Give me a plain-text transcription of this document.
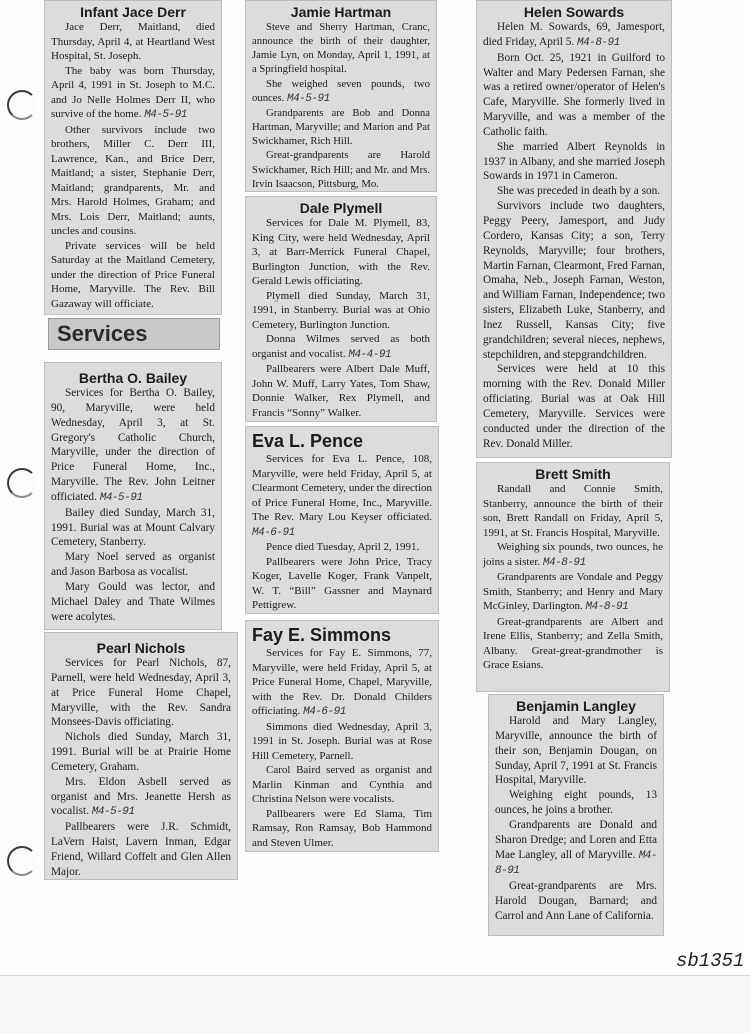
Infant Jace Derr

Jace Derr, Maitland, died Thursday, April 4, at Heartland West Hospital, St. Joseph.

The baby was born Thursday, April 4, 1991 in St. Joseph to M.C. and Jo Nelle Holmes Derr II, who survive of the home. M4-5-91

Other survivors include two brothers, Miller C. Derr III, Lawrence, Kan., and Brice Derr, Maitland; a sister, Stephanie Derr, Maitland; grandparents, Mr. and Mrs. Harold Holmes, Graham; and Mrs. Lois Derr, Maitland; aunts, uncles and cousins.

Private services will be held Saturday at the Maitland Cemetery, under the direction of Price Funeral Home, Maryville. The Rev. Bill Gazaway will officiate.

Services

Bertha O. Bailey

Services for Bertha O. Bailey, 90, Maryville, were held Wednesday, April 3, at St. Gregory's Catholic Church, Maryville, under the direction of Price Funeral Home, Inc., Maryville. The Rev. John Leitner officiated. M4-5-91

Bailey died Sunday, March 31, 1991. Burial was at Mount Calvary Cemetery, Stanberry.

Mary Noel served as organist and Jason Barbosa as vocalist.

Mary Gould was lector, and Michael Daley and Thate Wilmes were acolytes.

Pearl Nichols

Services for Pearl Nichols, 87, Parnell, were held Wednesday, April 3, at Price Funeral Home Chapel, Maryville, with the Rev. Sandra Monsees-Davis officiating.

Nichols died Sunday, March 31, 1991. Burial will be at Prairie Home Cemetery, Graham.

Mrs. Eldon Asbell served as organist and Mrs. Jeanette Hersh as vocalist. M4-5-91

Pallbearers were J.R. Schmidt, LaVern Haist, Lavern Inman, Edgar Friend, Willard Coffelt and Glen Allen Major.

Jamie Hartman

Steve and Sherry Hartman, Cranc, announce the birth of their daughter, Jamie Lyn, on Monday, April 1, 1991, at a Springfield hospital.

She weighed seven pounds, two ounces. M4-5-91

Grandparents are Bob and Donna Hartman, Maryville; and Marion and Pat Swickhamer, Rich Hill.

Great-grandparents are Harold Swickhamer, Rich Hill; and Mr. and Mrs. Irvin Isaacson, Pittsburg, Mo.

Dale Plymell

Services for Dale M. Plymell, 83, King City, were held Wednesday, April 3, at Barr-Merrick Funeral Chapel, Burlington Junction, with the Rev. Gerald Lewis officiating.

Plymell died Sunday, March 31, 1991, in Stanberry. Burial was at Ohio Cemetery, Burlington Junction.

Donna Wilmes served as both organist and vocalist. M4-4-91

Pallbearers were Albert Dale Muff, John W. Muff, Larry Yates, Tom Shaw, Donnie Walker, Rex Plymell, and Francis “Sonny” Walker.

Eva L. Pence

Services for Eva L. Pence, 108, Maryville, were held Friday, April 5, at Clearmont Cemetery, under the direction of Price Funeral Home, Inc., Maryville. The Rev. Mary Lou Keyser officiated. M4-6-91

Pence died Tuesday, April 2, 1991.

Pallbearers were John Price, Tracy Koger, Lavelle Koger, Frank Vanpelt, W. T. “Bill” Gassner and Maynard Pettigrew.

Fay E. Simmons

Services for Fay E. Simmons, 77, Maryville, were held Friday, April 5, at Price Funeral Home, Chapel, Maryville, with the Rev. Dr. Donald Childers officiating. M4-6-91

Simmons died Wednesday, April 3, 1991 in St. Joseph. Burial was at Rose Hill Cemetery, Parnell.

Carol Baird served as organist and Marlin Kinman and Cynthia and Christina Nelson were vocalists.

Pallbearers were Ed Slama, Tim Ramsay, Ron Ramsay, Bob Hammond and Steven Ulmer.

Helen Sowards

Helen M. Sowards, 69, Jamesport, died Friday, April 5. M4-8-91

Born Oct. 25, 1921 in Guilford to Walter and Mary Pedersen Farnan, she was a retired owner/operator of Helen's Cafe, Maryville. She formerly lived in Maryville, and was a member of the Catholic faith.

She married Albert Reynolds in 1937 in Albany, and she married Joseph Sowards in 1971 in Cameron.

She was preceded in death by a son.

Survivors include two daughters, Peggy Peery, Jamesport, and Judy Cordero, Kansas City; a son, Terry Reynolds, Maryville; four brothers, Martin Farnan, Clearmont, Fred Farnan, Omaha, Neb., Joseph Farnan, Weston, and William Farnan, Independence; two sisters, Elizabeth Luke, Stanberry, and Inez Russell, Kansas City; five grandchildren; several nieces, nephews, stepchildren, and stepgrandchildren.

Services were held at 10 this morning with the Rev. Donald Miller officiating. Burial was at Oak Hill Cemetery, Maryville. Services were conducted under the direction of the Rev. Donald Miller.

Brett Smith

Randall and Connie Smith, Stanberry, announce the birth of their son, Brett Randall on Friday, April 5, 1991, at St. Francis Hospital, Maryville.

Weighing six pounds, two ounces, he joins a sister. M4-8-91

Grandparents are Vondale and Peggy Smith, Stanberry; and Henry and Mary McGinley, Darlington. M4-8-91

Great-grandparents are Albert and Irene Ellis, Stanberry; and Zella Smith, Albany. Great-great-grandmother is Grace Esians.

Benjamin Langley

Harold and Mary Langley, Maryville, announce the birth of their son, Benjamin Dougan, on Sunday, April 7, 1991 at St. Francis Hospital, Maryville.

Weighing eight pounds, 13 ounces, he joins a brother.

Grandparents are Donald and Sharon Dredge; and Loren and Etta Mae Langley, all of Maryville. M4-8-91

Great-grandparents are Mrs. Harold Dougan, Barnard; and Carrol and Ann Lane of California.

sb1351
